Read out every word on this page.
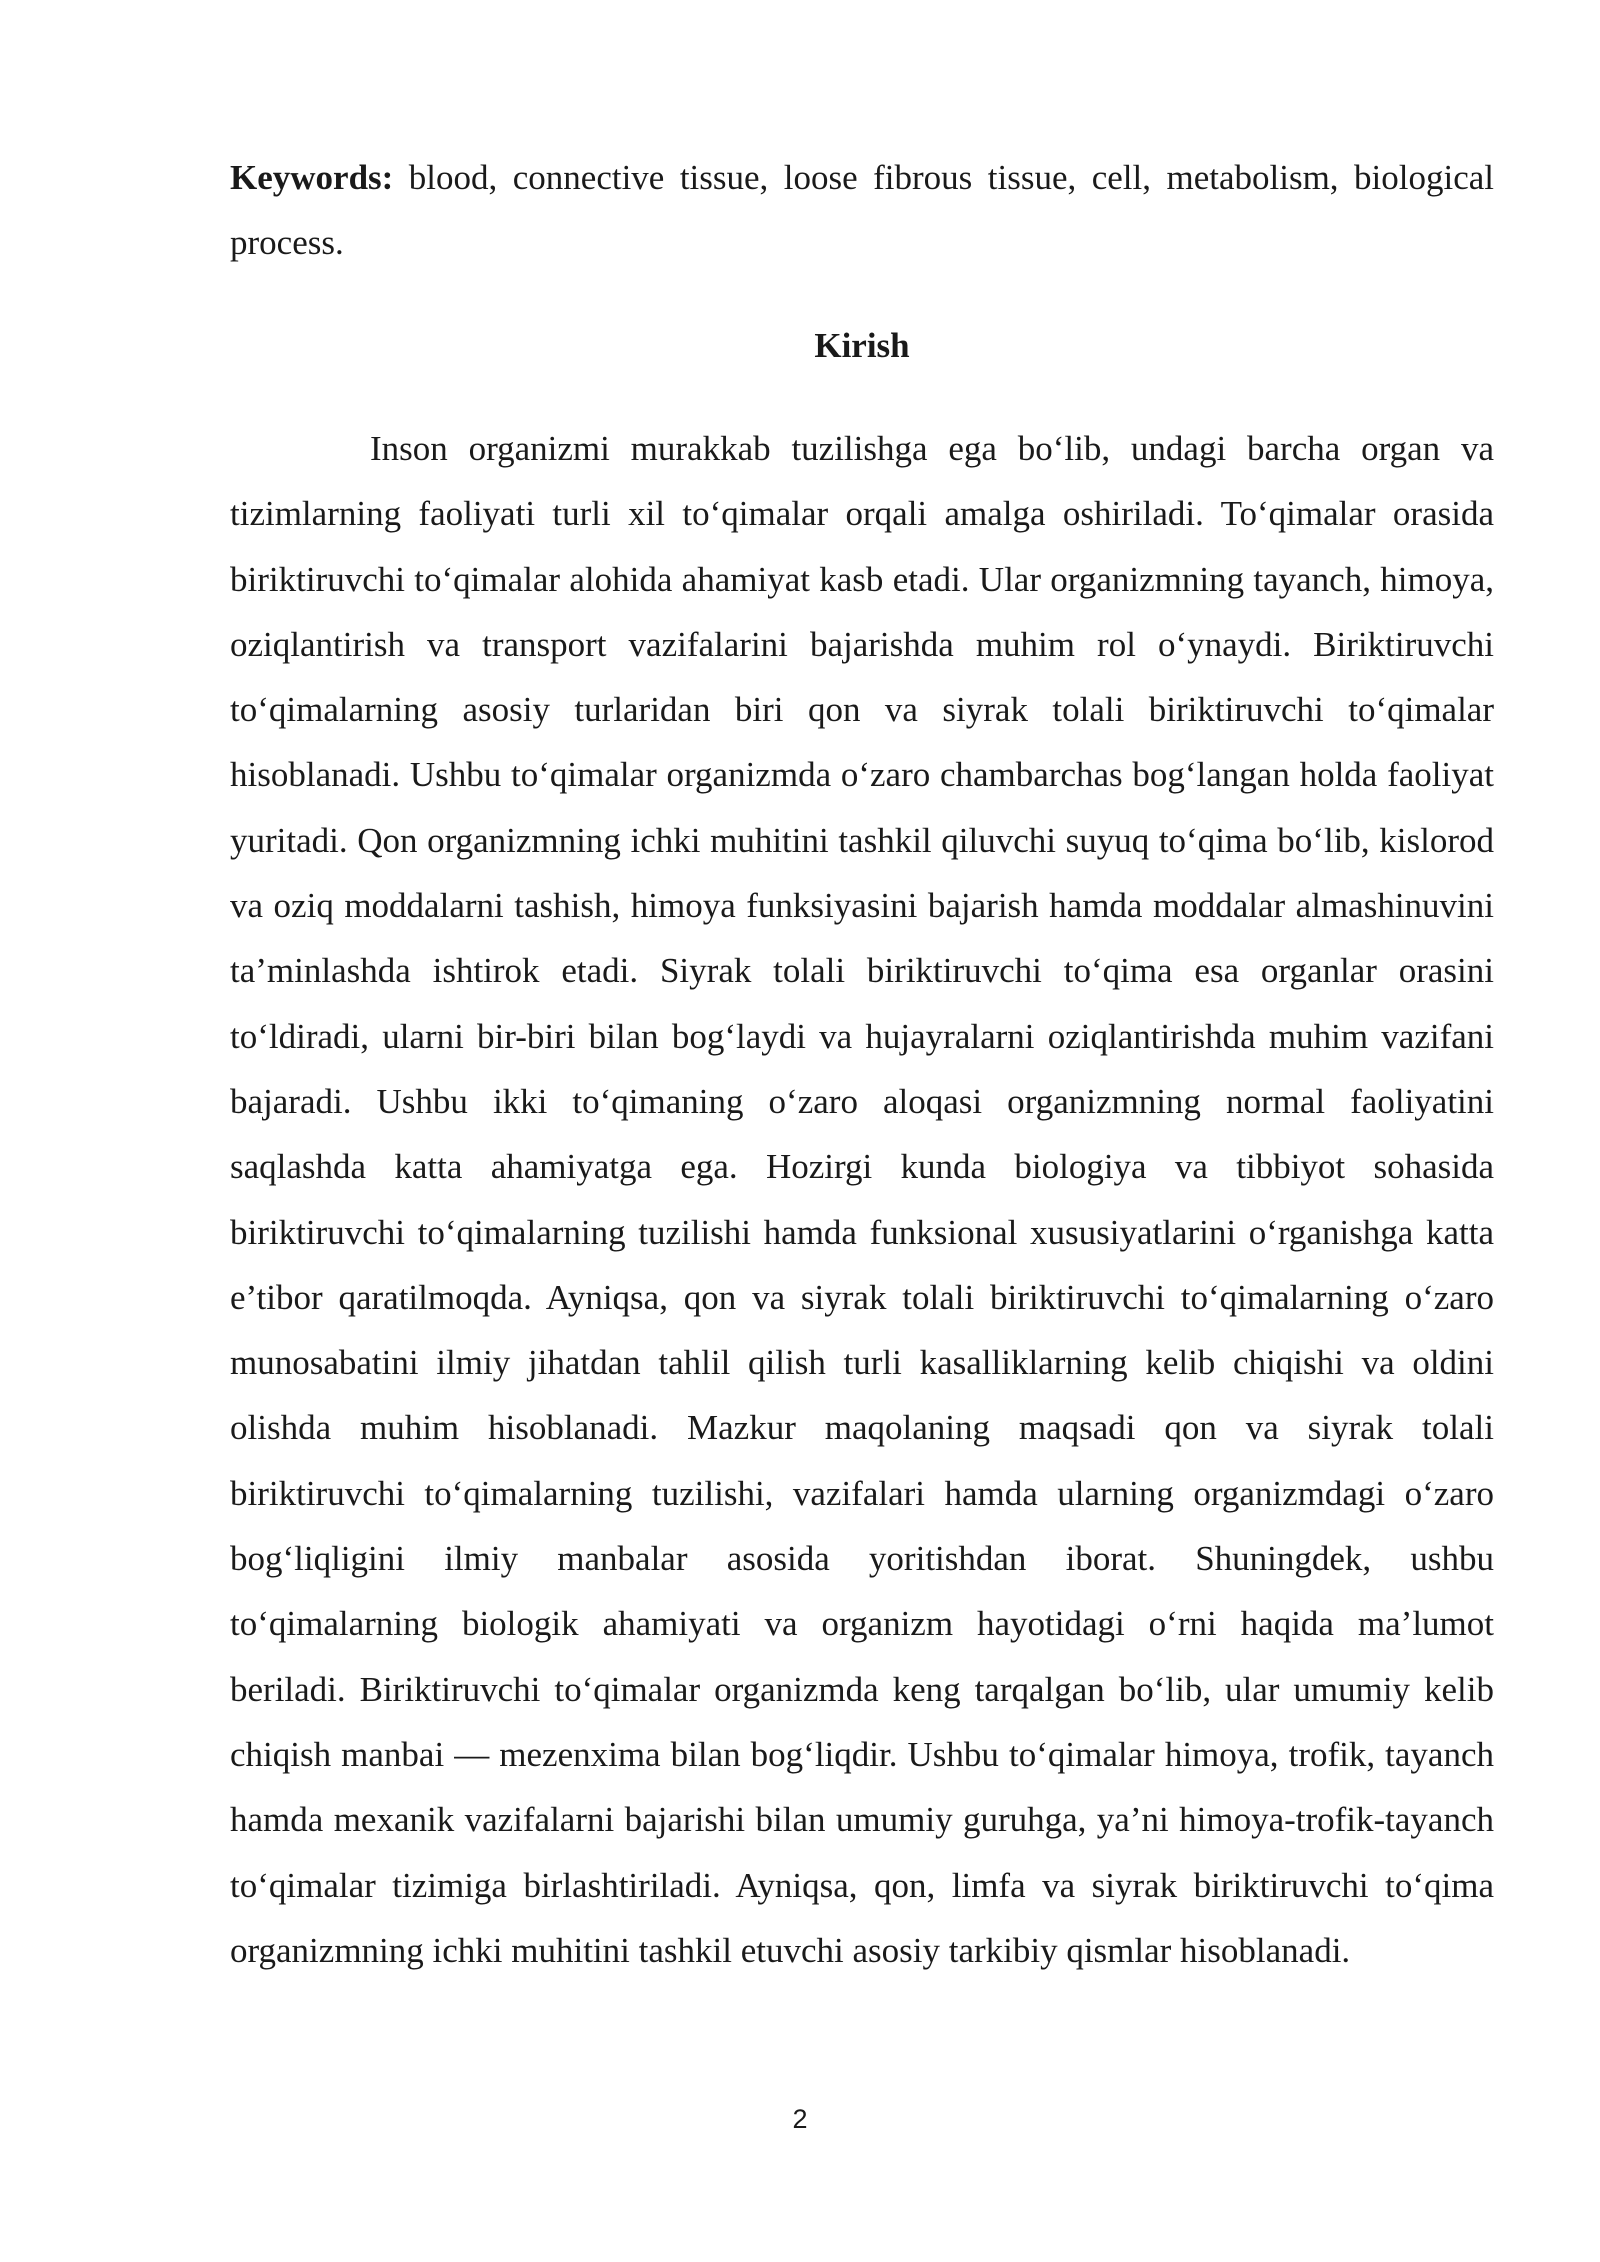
Keywords: blood, connective tissue, loose fibrous tissue, cell, metabolism, biological process.

Kirish

Inson organizmi murakkab tuzilishga ega bo‘lib, undagi barcha organ va tizimlarning faoliyati turli xil to‘qimalar orqali amalga oshiriladi. To‘qimalar orasida biriktiruvchi to‘qimalar alohida ahamiyat kasb etadi. Ular organizmning tayanch, himoya, oziqlantirish va transport vazifalarini bajarishda muhim rol o‘ynaydi. Biriktiruvchi to‘qimalarning asosiy turlaridan biri qon va siyrak tolali biriktiruvchi to‘qimalar hisoblanadi. Ushbu to‘qimalar organizmda o‘zaro chambarchas bog‘langan holda faoliyat yuritadi. Qon organizmning ichki muhitini tashkil qiluvchi suyuq to‘qima bo‘lib, kislorod va oziq moddalarni tashish, himoya funksiyasini bajarish hamda moddalar almashinuvini ta’minlashda ishtirok etadi. Siyrak tolali biriktiruvchi to‘qima esa organlar orasini to‘ldiradi, ularni bir-biri bilan bog‘laydi va hujayralarni oziqlantirishda muhim vazifani bajaradi. Ushbu ikki to‘qimaning o‘zaro aloqasi organizmning normal faoliyatini saqlashda katta ahamiyatga ega. Hozirgi kunda biologiya va tibbiyot sohasida biriktiruvchi to‘qimalarning tuzilishi hamda funksional xususiyatlarini o‘rganishga katta e’tibor qaratilmoqda. Ayniqsa, qon va siyrak tolali biriktiruvchi to‘qimalarning o‘zaro munosabatini ilmiy jihatdan tahlil qilish turli kasalliklarning kelib chiqishi va oldini olishda muhim hisoblanadi. Mazkur maqolaning maqsadi qon va siyrak tolali biriktiruvchi to‘qimalarning tuzilishi, vazifalari hamda ularning organizmdagi o‘zaro bog‘liqligini ilmiy manbalar asosida yoritishdan iborat. Shuningdek, ushbu to‘qimalarning biologik ahamiyati va organizm hayotidagi o‘rni haqida ma’lumot beriladi. Biriktiruvchi to‘qimalar organizmda keng tarqalgan bo‘lib, ular umumiy kelib chiqish manbai — mezenxima bilan bog‘liqdir. Ushbu to‘qimalar himoya, trofik, tayanch hamda mexanik vazifalarni bajarishi bilan umumiy guruhga, ya’ni himoya-trofik-tayanch to‘qimalar tizimiga birlashtiriladi. Ayniqsa, qon, limfa va siyrak biriktiruvchi to‘qima organizmning ichki muhitini tashkil etuvchi asosiy tarkibiy qismlar hisoblanadi.

2
